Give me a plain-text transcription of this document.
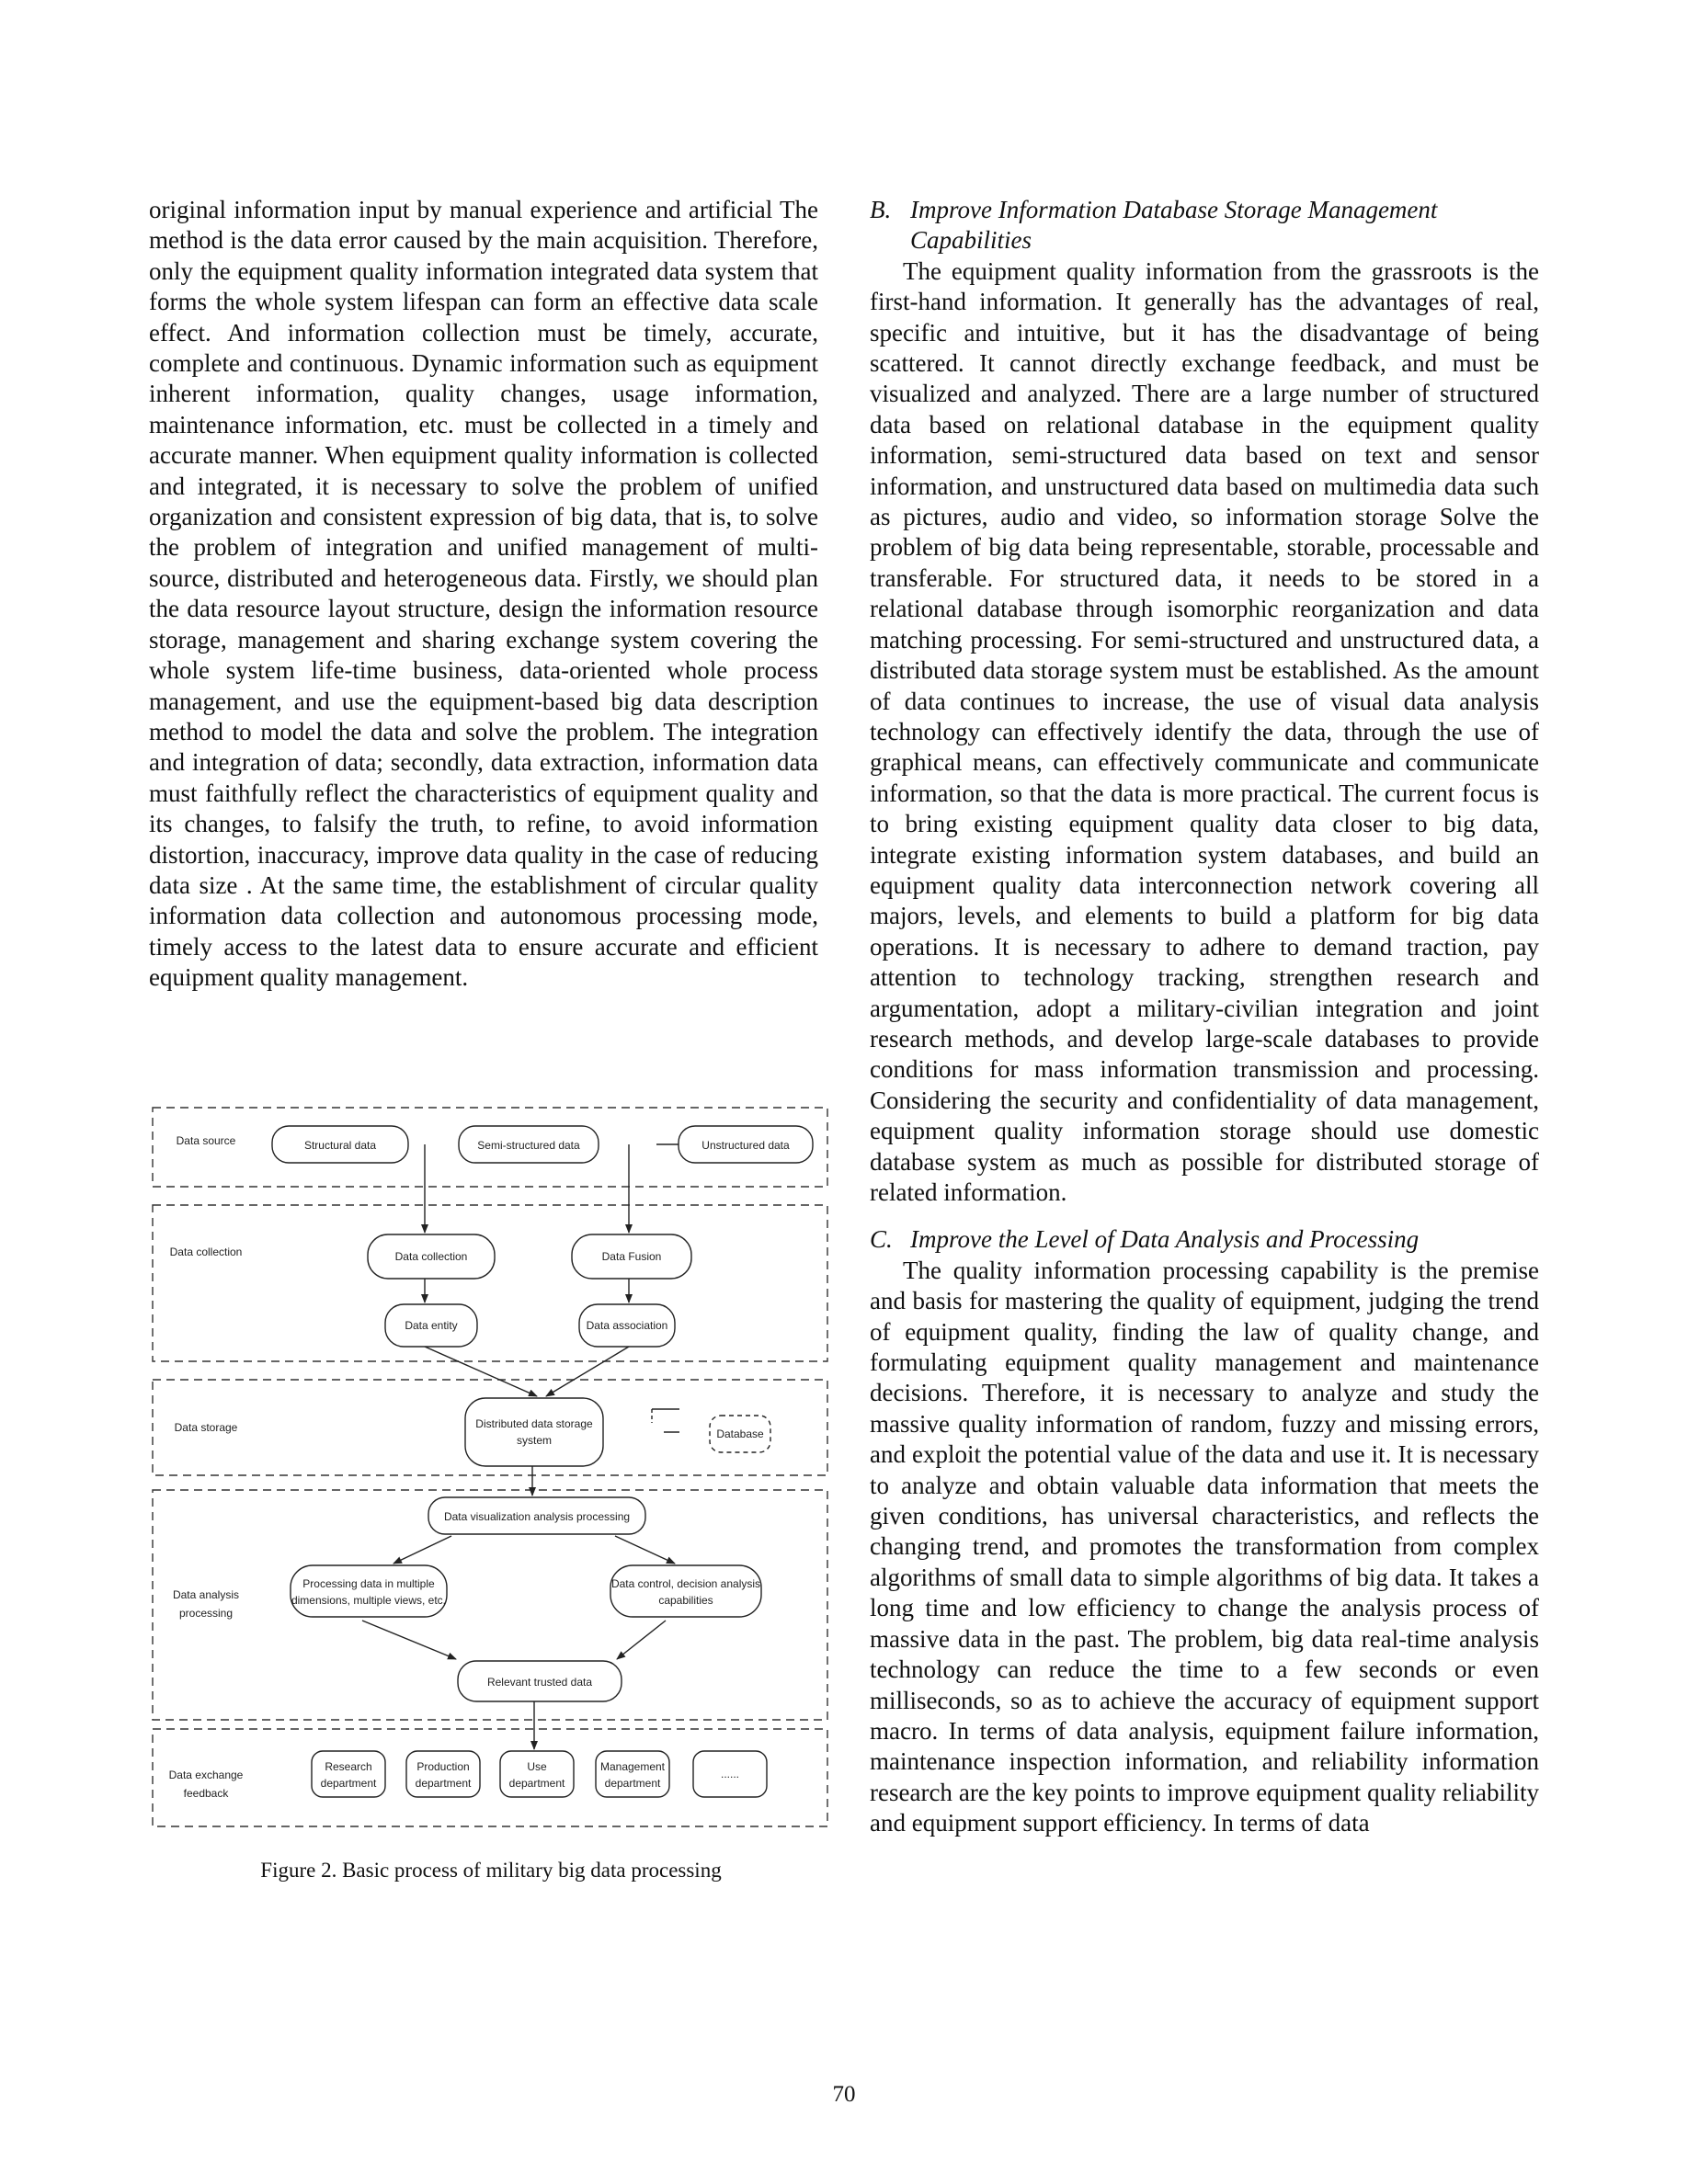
original information input by manual experience and artificial The method is the data error caused by the main acquisition. Therefore, only the equipment quality information integrated data system that forms the whole system lifespan can form an effective data scale effect. And information collection must be timely, accurate, complete and continuous. Dynamic information such as equipment inherent information, quality changes, usage information, maintenance information, etc. must be collected in a timely and accurate manner. When equipment quality information is collected and integrated, it is necessary to solve the problem of unified organization and consistent expression of big data, that is, to solve the problem of integration and unified management of multi-source, distributed and heterogeneous data. Firstly, we should plan the data resource layout structure, design the information resource storage, management and sharing exchange system covering the whole system life-time business, data-oriented whole process management, and use the equipment-based big data description method to model the data and solve the problem. The integration and integration of data; secondly, data extraction, information data must faithfully reflect the characteristics of equipment quality and its changes, to falsify the truth, to refine, to avoid information distortion, inaccuracy, improve data quality in the case of reducing data size . At the same time, the establishment of circular quality information data collection and autonomous processing mode, timely access to the latest data to ensure accurate and efficient equipment quality management.

Data source
Data collection
Data storage
Data analysis
processing
Data exchange
feedback
Structural data	Semi-structured data	Unstructured data
Data collection	Data Fusion
Data entity	Data association
Distributed data storage
system	Database
Data visualization analysis processing
Processing data in multiple
dimensions, multiple views, etc.
Data control, decision analysis
capabilities
Relevant trusted data
Research
department
Production
department
Use
department
Management
department
......
Figure 2. Basic process of military big data processing

B. Improve Information Database Storage Management Capabilities

The equipment quality information from the grassroots is the first-hand information. It generally has the advantages of real, specific and intuitive, but it has the disadvantage of being scattered. It cannot directly exchange feedback, and must be visualized and analyzed. There are a large number of structured data based on relational database in the equipment quality information, semi-structured data based on text and sensor information, and unstructured data based on multimedia data such as pictures, audio and video, so information storage Solve the problem of big data being representable, storable, processable and transferable. For structured data, it needs to be stored in a relational database through isomorphic reorganization and data matching processing. For semi-structured and unstructured data, a distributed data storage system must be established. As the amount of data continues to increase, the use of visual data analysis technology can effectively identify the data, through the use of graphical means, can effectively communicate and communicate information, so that the data is more practical. The current focus is to bring existing equipment quality data closer to big data, integrate existing information system databases, and build an equipment quality data interconnection network covering all majors, levels, and elements to build a platform for big data operations. It is necessary to adhere to demand traction, pay attention to technology tracking, strengthen research and argumentation, adopt a military-civilian integration and joint research methods, and develop large-scale databases to provide conditions for mass information transmission and processing. Considering the security and confidentiality of data management, equipment quality information storage should use domestic database system as much as possible for distributed storage of related information.

C. Improve the Level of Data Analysis and Processing

The quality information processing capability is the premise and basis for mastering the quality of equipment, judging the trend of equipment quality, finding the law of quality change, and formulating equipment quality management and maintenance decisions. Therefore, it is necessary to analyze and study the massive quality information of random, fuzzy and missing errors, and exploit the potential value of the data and use it. It is necessary to analyze and obtain valuable data information that meets the given conditions, has universal characteristics, and reflects the changing trend, and promotes the transformation from complex algorithms of small data to simple algorithms of big data. It takes a long time and low efficiency to change the analysis process of massive data in the past. The problem, big data real-time analysis technology can reduce the time to a few seconds or even milliseconds, so as to achieve the accuracy of equipment support macro. In terms of data analysis, equipment failure information, maintenance inspection information, and reliability information research are the key points to improve equipment quality reliability and equipment support efficiency. In terms of data

70
